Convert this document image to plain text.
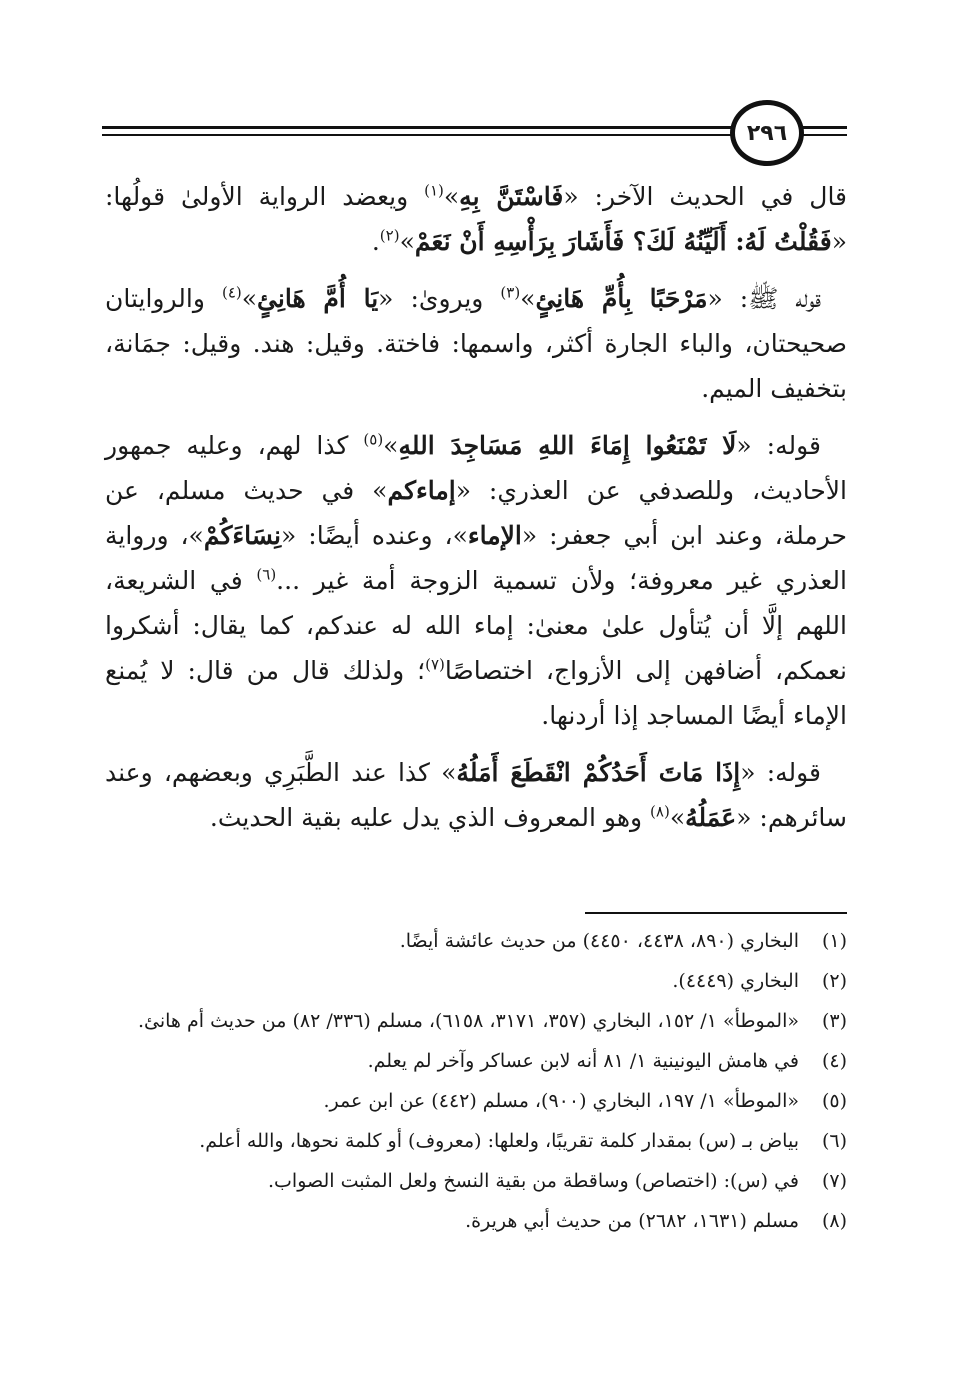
٢٩٦

قال في الحديث الآخر: «فَاسْتَنَّ بِهِ»$^{(١)}$ ويعضد الرواية الأولىٰ قولُها: «فَقُلْتُ لَهُ: أَلَيِّنُهُ لَكَ؟ فَأَشَارَ بِرَأْسِهِ أَنْ نَعَمْ»$^{(٢)}$.

قوله ﷺ: «مَرْحَبًا بِأُمِّ هَانِئٍ»$^{(٣)}$ ويروىٰ: «يَا أُمَّ هَانِئٍ»$^{(٤)}$ والروايتان صحيحتان، والباء الجارة أكثر، واسمها: فاختة. وقيل: هند. وقيل: جمَانة، بتخفيف الميم.

قوله: «لَا تَمْنَعُوا إِمَاءَ اللهِ مَسَاجِدَ اللهِ»$^{(٥)}$ كذا لهم، وعليه جمهور الأحاديث، وللصدفي عن العذري: «إماءكم» في حديث مسلم، عن حرملة، وعند ابن أبي جعفر: «الإماء»، وعنده أيضًا: «نِسَاءَكُمْ»، ورواية العذري غير معروفة؛ ولأن تسمية الزوجة أمة غير ...$^{(٦)}$ في الشريعة، اللهم إلَّا أن يُتأول علىٰ معنىٰ: إماء الله له عندكم، كما يقال: أشكروا نعمكم، أضافهن إلى الأزواج، اختصاصًا$^{(٧)}$؛ ولذلك قال من قال: لا يُمنع الإماء أيضًا المساجد إذا أردنها.

قوله: «إِذَا مَاتَ أَحَدُكُمْ انْقَطَعَ أَمَلُهُ» كذا عند الطَّبَرِي وبعضهم، وعند سائرهم: «عَمَلُهُ»$^{(٨)}$ وهو المعروف الذي يدل عليه بقية الحديث.

(١)
البخاري (٨٩٠، ٤٤٣٨، ٤٤٥٠) من حديث عائشة أيضًا.
(٢)
البخاري (٤٤٤٩).
(٣)
«الموطأ» ١/ ١٥٢، البخاري (٣٥٧، ٣١٧١، ٦١٥٨)، مسلم (٣٣٦/ ٨٢) من حديث أم هانئ.
(٤)
في هامش اليونينية ١/ ٨١ أنه لابن عساكر وآخر لم يعلم.
(٥)
«الموطأ» ١/ ١٩٧، البخاري (٩٠٠)، مسلم (٤٤٢) عن ابن عمر.
(٦)
بياض بـ (س) بمقدار كلمة تقريبًا، ولعلها: (معروف) أو كلمة نحوها، والله أعلم.
(٧)
في (س): (اختصاص) وساقطة من بقية النسخ ولعل المثبت الصواب.
(٨)
مسلم (١٦٣١، ٢٦٨٢) من حديث أبي هريرة.
